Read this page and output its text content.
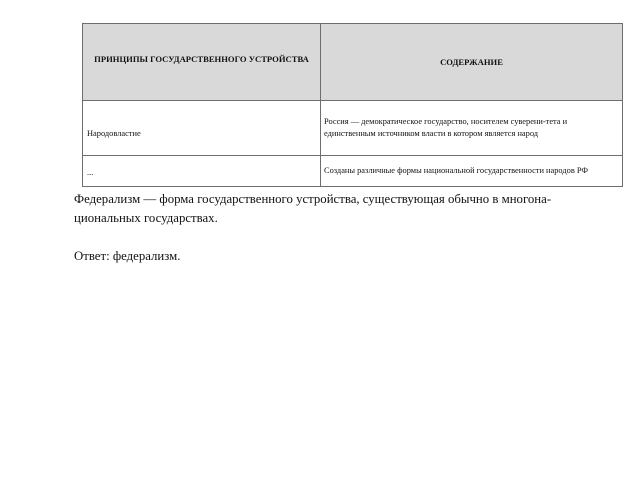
ПРИНЦИПЫ ГОСУДАРСТВЕННОГО УСТРОЙСТВА	СОДЕРЖАНИЕ

Народовластие	Россия — демократическое государство, носителем суверени-тета и единственным источником власти в котором является народ
...	Созданы различные формы национальной государственности народов РФ

Федерализм — форма государственного устройства, существующая обычно в многона-циональных государствах.

Ответ: федерализм.
